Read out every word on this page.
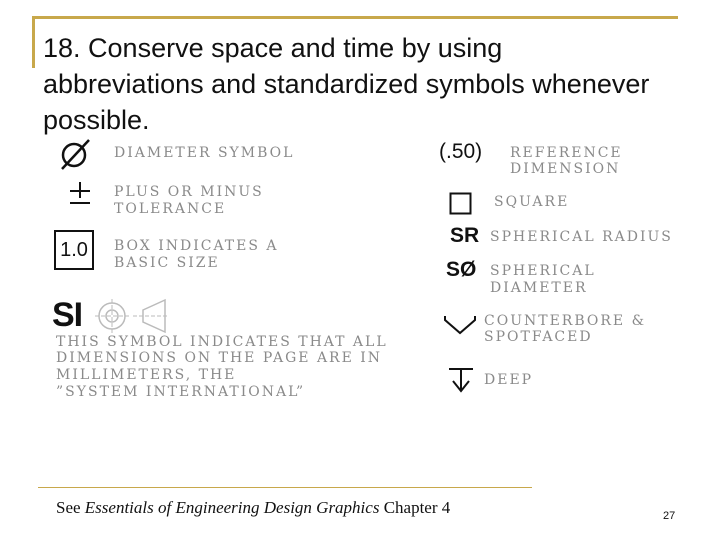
18. Conserve space and time by using abbreviations and standardized symbols whenever possible.
DIAMETER SYMBOL
PLUS OR MINUS
TOLERANCE
1.0	BOX INDICATES A
BASIC SIZE
SI
THIS SYMBOL INDICATES THAT ALL
DIMENSIONS ON THE PAGE ARE IN
MILLIMETERS, THE
”SYSTEM INTERNATIONAL”
(.50) REFERENCE
DIMENSION
SQUARE
SR SPHERICAL RADIUS
SØ SPHERICAL
DIAMETER
COUNTERBORE &
SPOTFACED
DEEP
See Essentials of Engineering Design Graphics Chapter 4	27
